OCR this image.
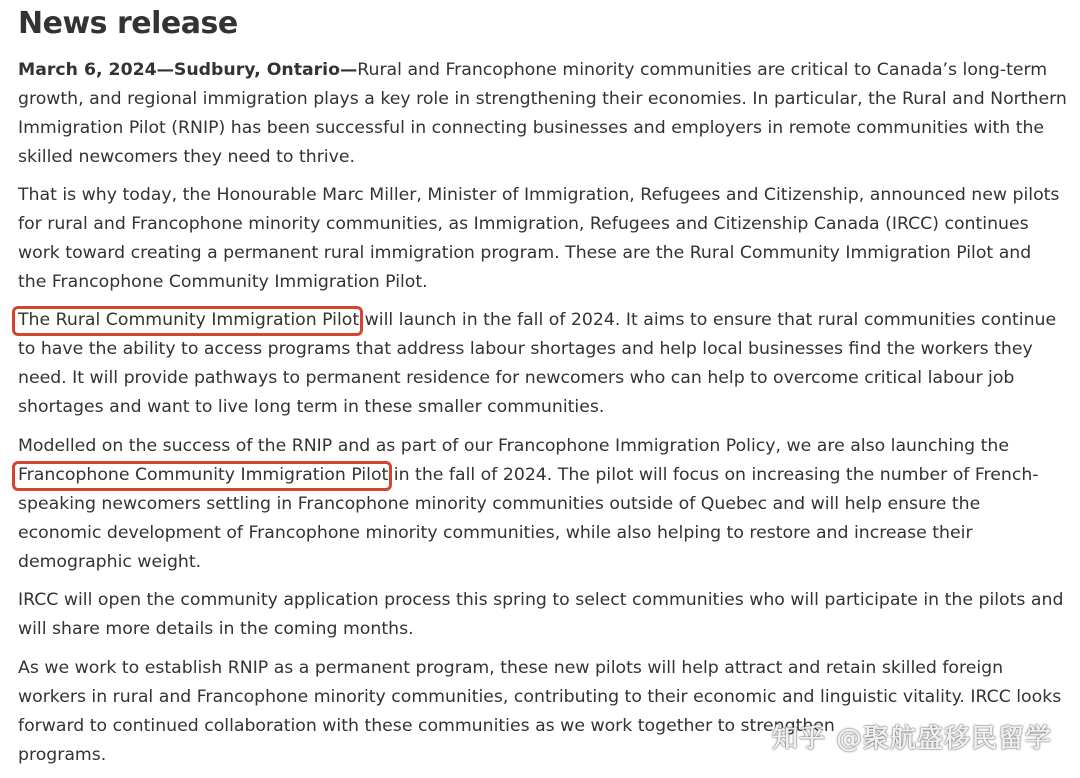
News release
March 6, 2024—Sudbury, Ontario—Rural and Francophone minority communities are critical to Canada’s long-term
growth, and regional immigration plays a key role in strengthening their economies. In particular, the Rural and Northern
Immigration Pilot (RNIP) has been successful in connecting businesses and employers in remote communities with the
skilled newcomers they need to thrive.
That is why today, the Honourable Marc Miller, Minister of Immigration, Refugees and Citizenship, announced new pilots
for rural and Francophone minority communities, as Immigration, Refugees and Citizenship Canada (IRCC) continues
work toward creating a permanent rural immigration program. These are the Rural Community Immigration Pilot and
the Francophone Community Immigration Pilot.
The Rural Community Immigration Pilot will launch in the fall of 2024. It aims to ensure that rural communities continue
to have the ability to access programs that address labour shortages and help local businesses find the workers they
need. It will provide pathways to permanent residence for newcomers who can help to overcome critical labour job
shortages and want to live long term in these smaller communities.
Modelled on the success of the RNIP and as part of our Francophone Immigration Policy, we are also launching the
Francophone Community Immigration Pilot in the fall of 2024. The pilot will focus on increasing the number of French-
speaking newcomers settling in Francophone minority communities outside of Quebec and will help ensure the
economic development of Francophone minority communities, while also helping to restore and increase their
demographic weight.
IRCC will open the community application process this spring to select communities who will participate in the pilots and
will share more details in the coming months.
As we work to establish RNIP as a permanent program, these new pilots will help attract and retain skilled foreign
workers in rural and Francophone minority communities, contributing to their economic and linguistic vitality. IRCC looks
forward to continued collaboration with these communities as we work together to strengthen
programs.
知乎 @聚航盛移民留学
